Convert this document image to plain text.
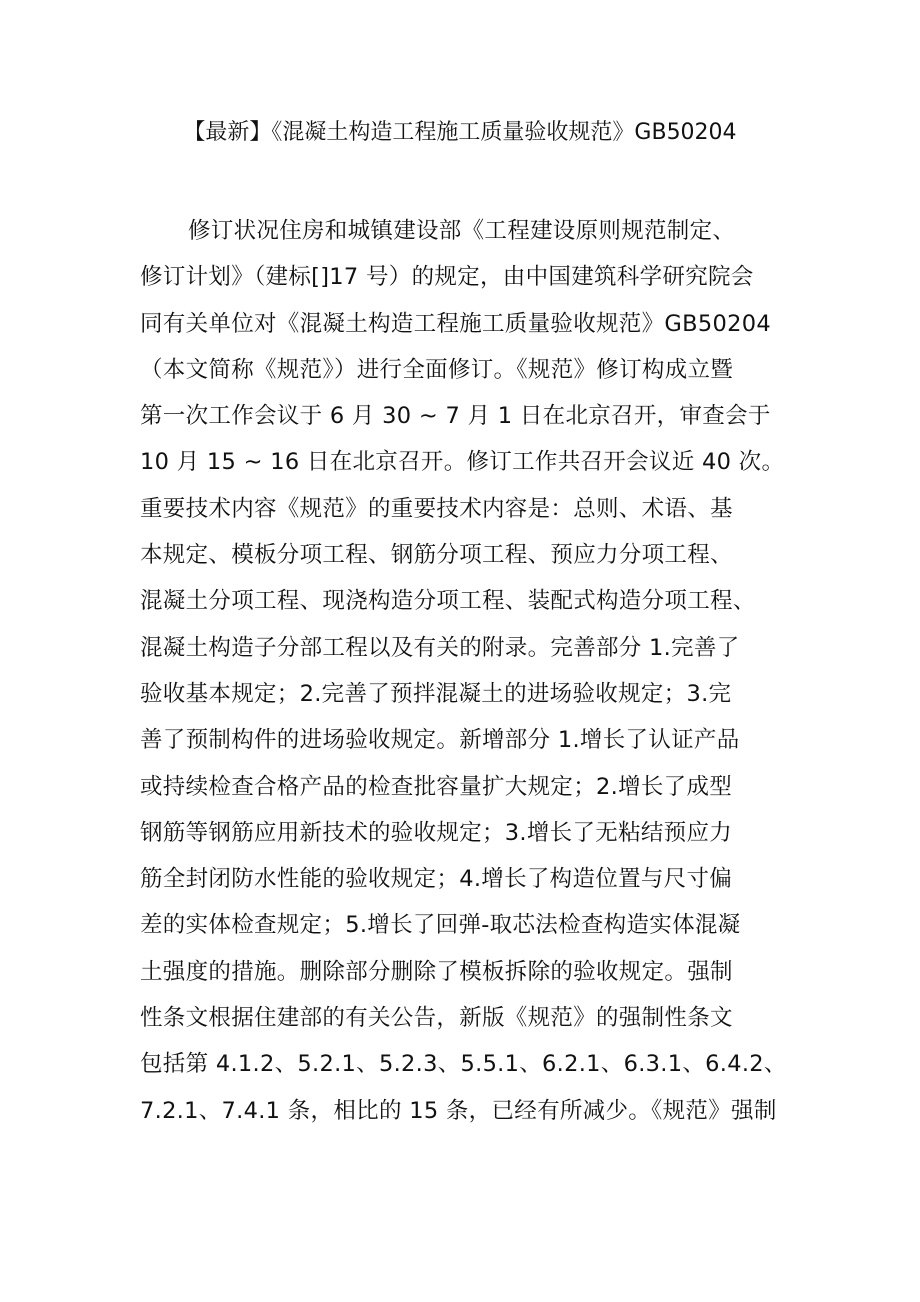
【最新】《混凝土构造工程施工质量验收规范》GB50204
修订状况住房和城镇建设部《工程建设原则规范制定、
修订计划》（建标[]17 号）的规定，由中国建筑科学研究院会
同有关单位对《混凝土构造工程施工质量验收规范》GB50204
（本文简称《规范》）进行全面修订。《规范》修订构成立暨
第一次工作会议于 6 月 30 ~ 7 月 1 日在北京召开，审查会于
10 月 15 ~ 16 日在北京召开。修订工作共召开会议近 40 次。
重要技术内容《规范》的重要技术内容是：总则、术语、基
本规定、模板分项工程、钢筋分项工程、预应力分项工程、
混凝土分项工程、现浇构造分项工程、装配式构造分项工程、
混凝土构造子分部工程以及有关的附录。完善部分 1.完善了
验收基本规定；2.完善了预拌混凝土的进场验收规定；3.完
善了预制构件的进场验收规定。新增部分 1.增长了认证产品
或持续检查合格产品的检查批容量扩大规定；2.增长了成型
钢筋等钢筋应用新技术的验收规定；3.增长了无粘结预应力
筋全封闭防水性能的验收规定；4.增长了构造位置与尺寸偏
差的实体检查规定；5.增长了回弹-取芯法检查构造实体混凝
土强度的措施。删除部分删除了模板拆除的验收规定。强制
性条文根据住建部的有关公告，新版《规范》的强制性条文
包括第 4.1.2、5.2.1、5.2.3、5.5.1、6.2.1、6.3.1、6.4.2、
7.2.1、7.4.1 条，相比的 15 条，已经有所减少。《规范》强制
